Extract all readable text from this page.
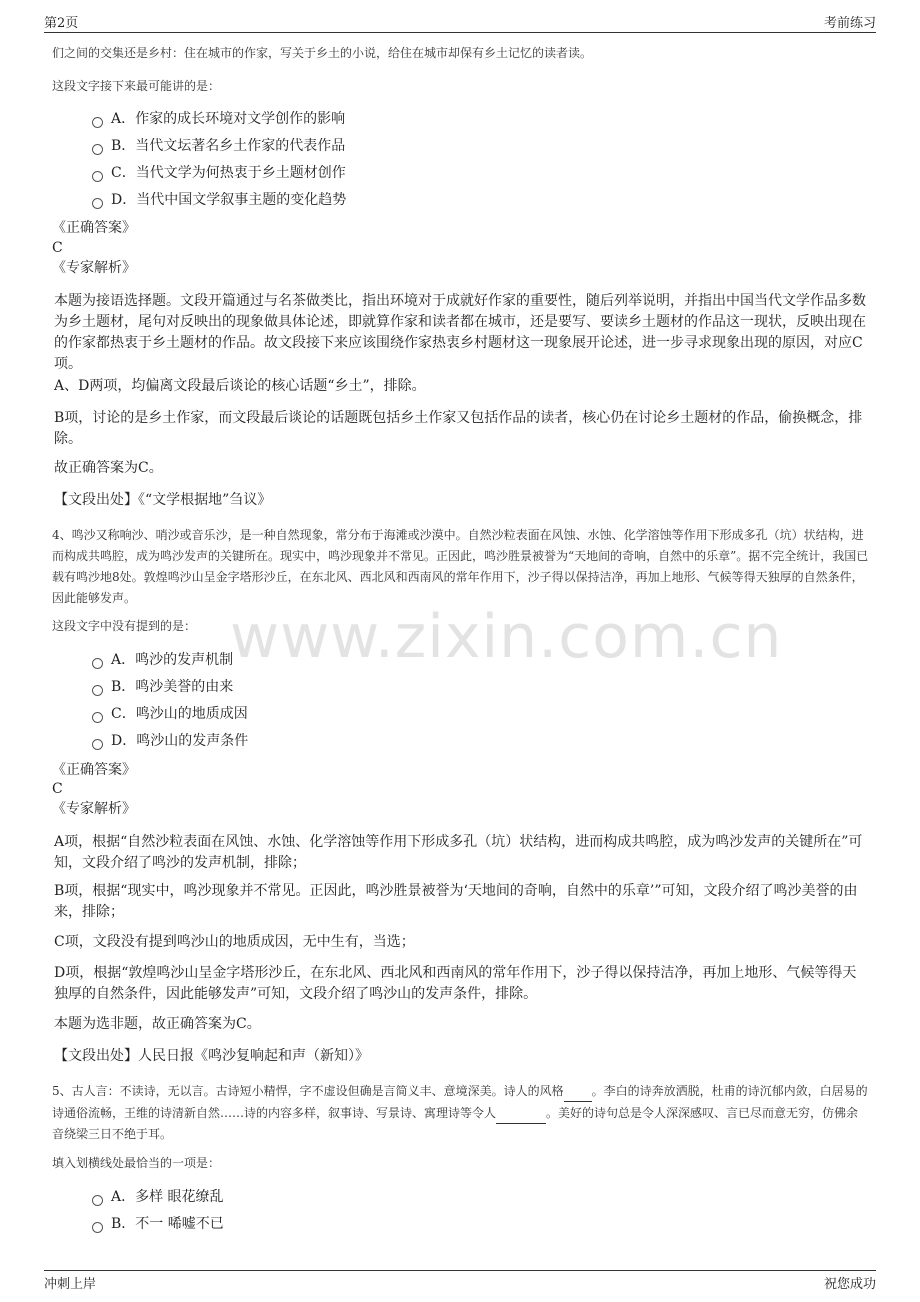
第2页	考前练习
www.zixin.com.cn
们之间的交集还是乡村：住在城市的作家，写关于乡土的小说，给住在城市却保有乡土记忆的读者读。
这段文字接下来最可能讲的是：
A．作家的成长环境对文学创作的影响
B．当代文坛著名乡土作家的代表作品
C．当代文学为何热衷于乡土题材创作
D．当代中国文学叙事主题的变化趋势
《正确答案》
C
《专家解析》
本题为接语选择题。文段开篇通过与名茶做类比，指出环境对于成就好作家的重要性，随后列举说明，并指出中国当代文学作品多数为乡土题材，尾句对反映出的现象做具体论述，即就算作家和读者都在城市，还是要写、要读乡土题材的作品这一现状，反映出现在的作家都热衷于乡土题材的作品。故文段接下来应该围绕作家热衷乡村题材这一现象展开论述，进一步寻求现象出现的原因，对应C项。
A、D两项，均偏离文段最后谈论的核心话题“乡土”，排除。
B项，讨论的是乡土作家，而文段最后谈论的话题既包括乡土作家又包括作品的读者，核心仍在讨论乡土题材的作品，偷换概念，排除。
故正确答案为C。
【文段出处】《“文学根据地”刍议》
4、鸣沙又称响沙、哨沙或音乐沙，是一种自然现象，常分布于海滩或沙漠中。自然沙粒表面在风蚀、水蚀、化学溶蚀等作用下形成多孔（坑）状结构，进而构成共鸣腔，成为鸣沙发声的关键所在。现实中，鸣沙现象并不常见。正因此，鸣沙胜景被誉为“天地间的奇响，自然中的乐章”。据不完全统计，我国已载有鸣沙地8处。敦煌鸣沙山呈金字塔形沙丘，在东北风、西北风和西南风的常年作用下，沙子得以保持洁净，再加上地形、气候等得天独厚的自然条件，因此能够发声。
这段文字中没有提到的是：
A．鸣沙的发声机制
B．鸣沙美誉的由来
C．鸣沙山的地质成因
D．鸣沙山的发声条件
《正确答案》
C
《专家解析》
A项，根据“自然沙粒表面在风蚀、水蚀、化学溶蚀等作用下形成多孔（坑）状结构，进而构成共鸣腔，成为鸣沙发声的关键所在”可知，文段介绍了鸣沙的发声机制，排除；
B项，根据“现实中，鸣沙现象并不常见。正因此，鸣沙胜景被誉为‘天地间的奇响，自然中的乐章’”可知，文段介绍了鸣沙美誉的由来，排除；
C项，文段没有提到鸣沙山的地质成因，无中生有，当选；
D项，根据“敦煌鸣沙山呈金字塔形沙丘，在东北风、西北风和西南风的常年作用下，沙子得以保持洁净，再加上地形、气候等得天独厚的自然条件，因此能够发声”可知，文段介绍了鸣沙山的发声条件，排除。
本题为选非题，故正确答案为C。
【文段出处】人民日报《鸣沙复响起和声（新知）》
5、古人言：不读诗，无以言。古诗短小精悍，字不虚设但确是言简义丰、意境深美。诗人的风格 。李白的诗奔放洒脱，杜甫的诗沉郁内敛，白居易的诗通俗流畅，王维的诗清新自然……诗的内容多样，叙事诗、写景诗、寓理诗等令人	。美好的诗句总是令人深深感叹、言已尽而意无穷，仿佛余音绕梁三日不绝于耳。
填入划横线处最恰当的一项是：
A．多样 眼花缭乱
B．不一 唏嘘不已
冲刺上岸	祝您成功
